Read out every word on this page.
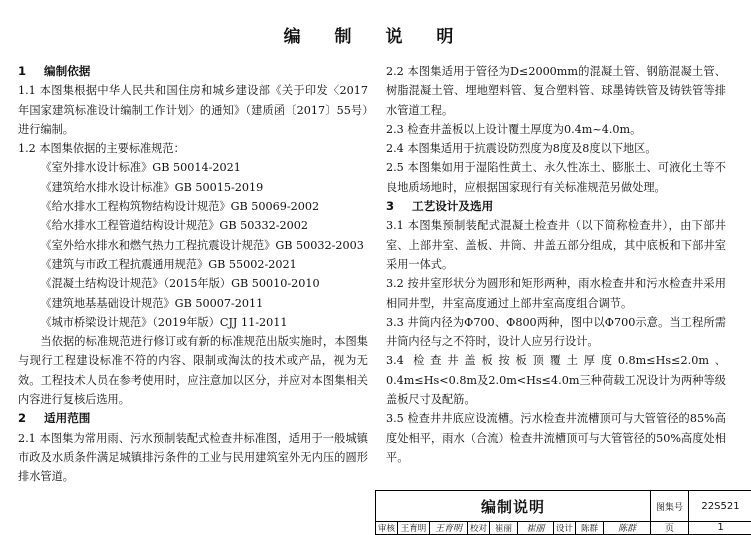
编 制 说 明
1 编制依据

1.1 本图集根据中华人民共和国住房和城乡建设部《关于印发〈2017年国家建筑标准设计编制工作计划〉的通知》（建质函〔2017〕55号）进行编制。

1.2 本图集依据的主要标准规范：

《室外排水设计标准》GB 50014-2021
《建筑给水排水设计标准》GB 50015-2019
《给水排水工程构筑物结构设计规范》GB 50069-2002
《给水排水工程管道结构设计规范》GB 50332-2002
《室外给水排水和燃气热力工程抗震设计规范》GB 50032-2003
《建筑与市政工程抗震通用规范》GB 55002-2021
《混凝土结构设计规范》（2015年版）GB 50010-2010
《建筑地基基础设计规范》GB 50007-2011
《城市桥梁设计规范》（2019年版）CJJ 11-2011

当依据的标准规范进行修订或有新的标准规范出版实施时，本图集与现行工程建设标准不符的内容、限制或淘汰的技术或产品，视为无效。工程技术人员在参考使用时，应注意加以区分，并应对本图集相关内容进行复核后选用。

2 适用范围

2.1 本图集为常用雨、污水预制装配式检查井标准图，适用于一般城镇市政及水质条件满足城镇排污条件的工业与民用建筑室外无内压的圆形排水管道。

2.2 本图集适用于管径为D≤2000mm的混凝土管、钢筋混凝土管、树脂混凝土管、埋地塑料管、复合塑料管、球墨铸铁管及铸铁管等排水管道工程。

2.3 检查井盖板以上设计覆土厚度为0.4m~4.0m。

2.4 本图集适用于抗震设防烈度为8度及8度以下地区。

2.5 本图集如用于湿陷性黄土、永久性冻土、膨胀土、可液化土等不良地质场地时，应根据国家现行有关标准规范另做处理。

3 工艺设计及选用

3.1 本图集预制装配式混凝土检查井（以下简称检查井），由下部井室、上部井室、盖板、井筒、井盖五部分组成，其中底板和下部井室采用一体式。

3.2 按井室形状分为圆形和矩形两种，雨水检查井和污水检查井采用相同井型，井室高度通过上部井室高度组合调节。

3.3 井筒内径为Φ700、Φ800两种，图中以Φ700示意。当工程所需井筒内径与之不符时，设计人应另行设计。

3.4 检查井盖板按板顶覆土厚度0.8m≤Hs≤2.0m、0.4m≤Hs<0.8m及2.0m<Hs≤4.0m三种荷载工况设计为两种等级盖板尺寸及配筋。

3.5 检查井井底应设流槽。污水检查井流槽顶可与大管管径的85%高度处相平，雨水（合流）检查井流槽顶可与大管管径的50%高度处相平。

编制说明	图集号	22S521
审核 王育明 王育明 校对 崔丽	崔丽	设计 陈群	陈群	页	1
